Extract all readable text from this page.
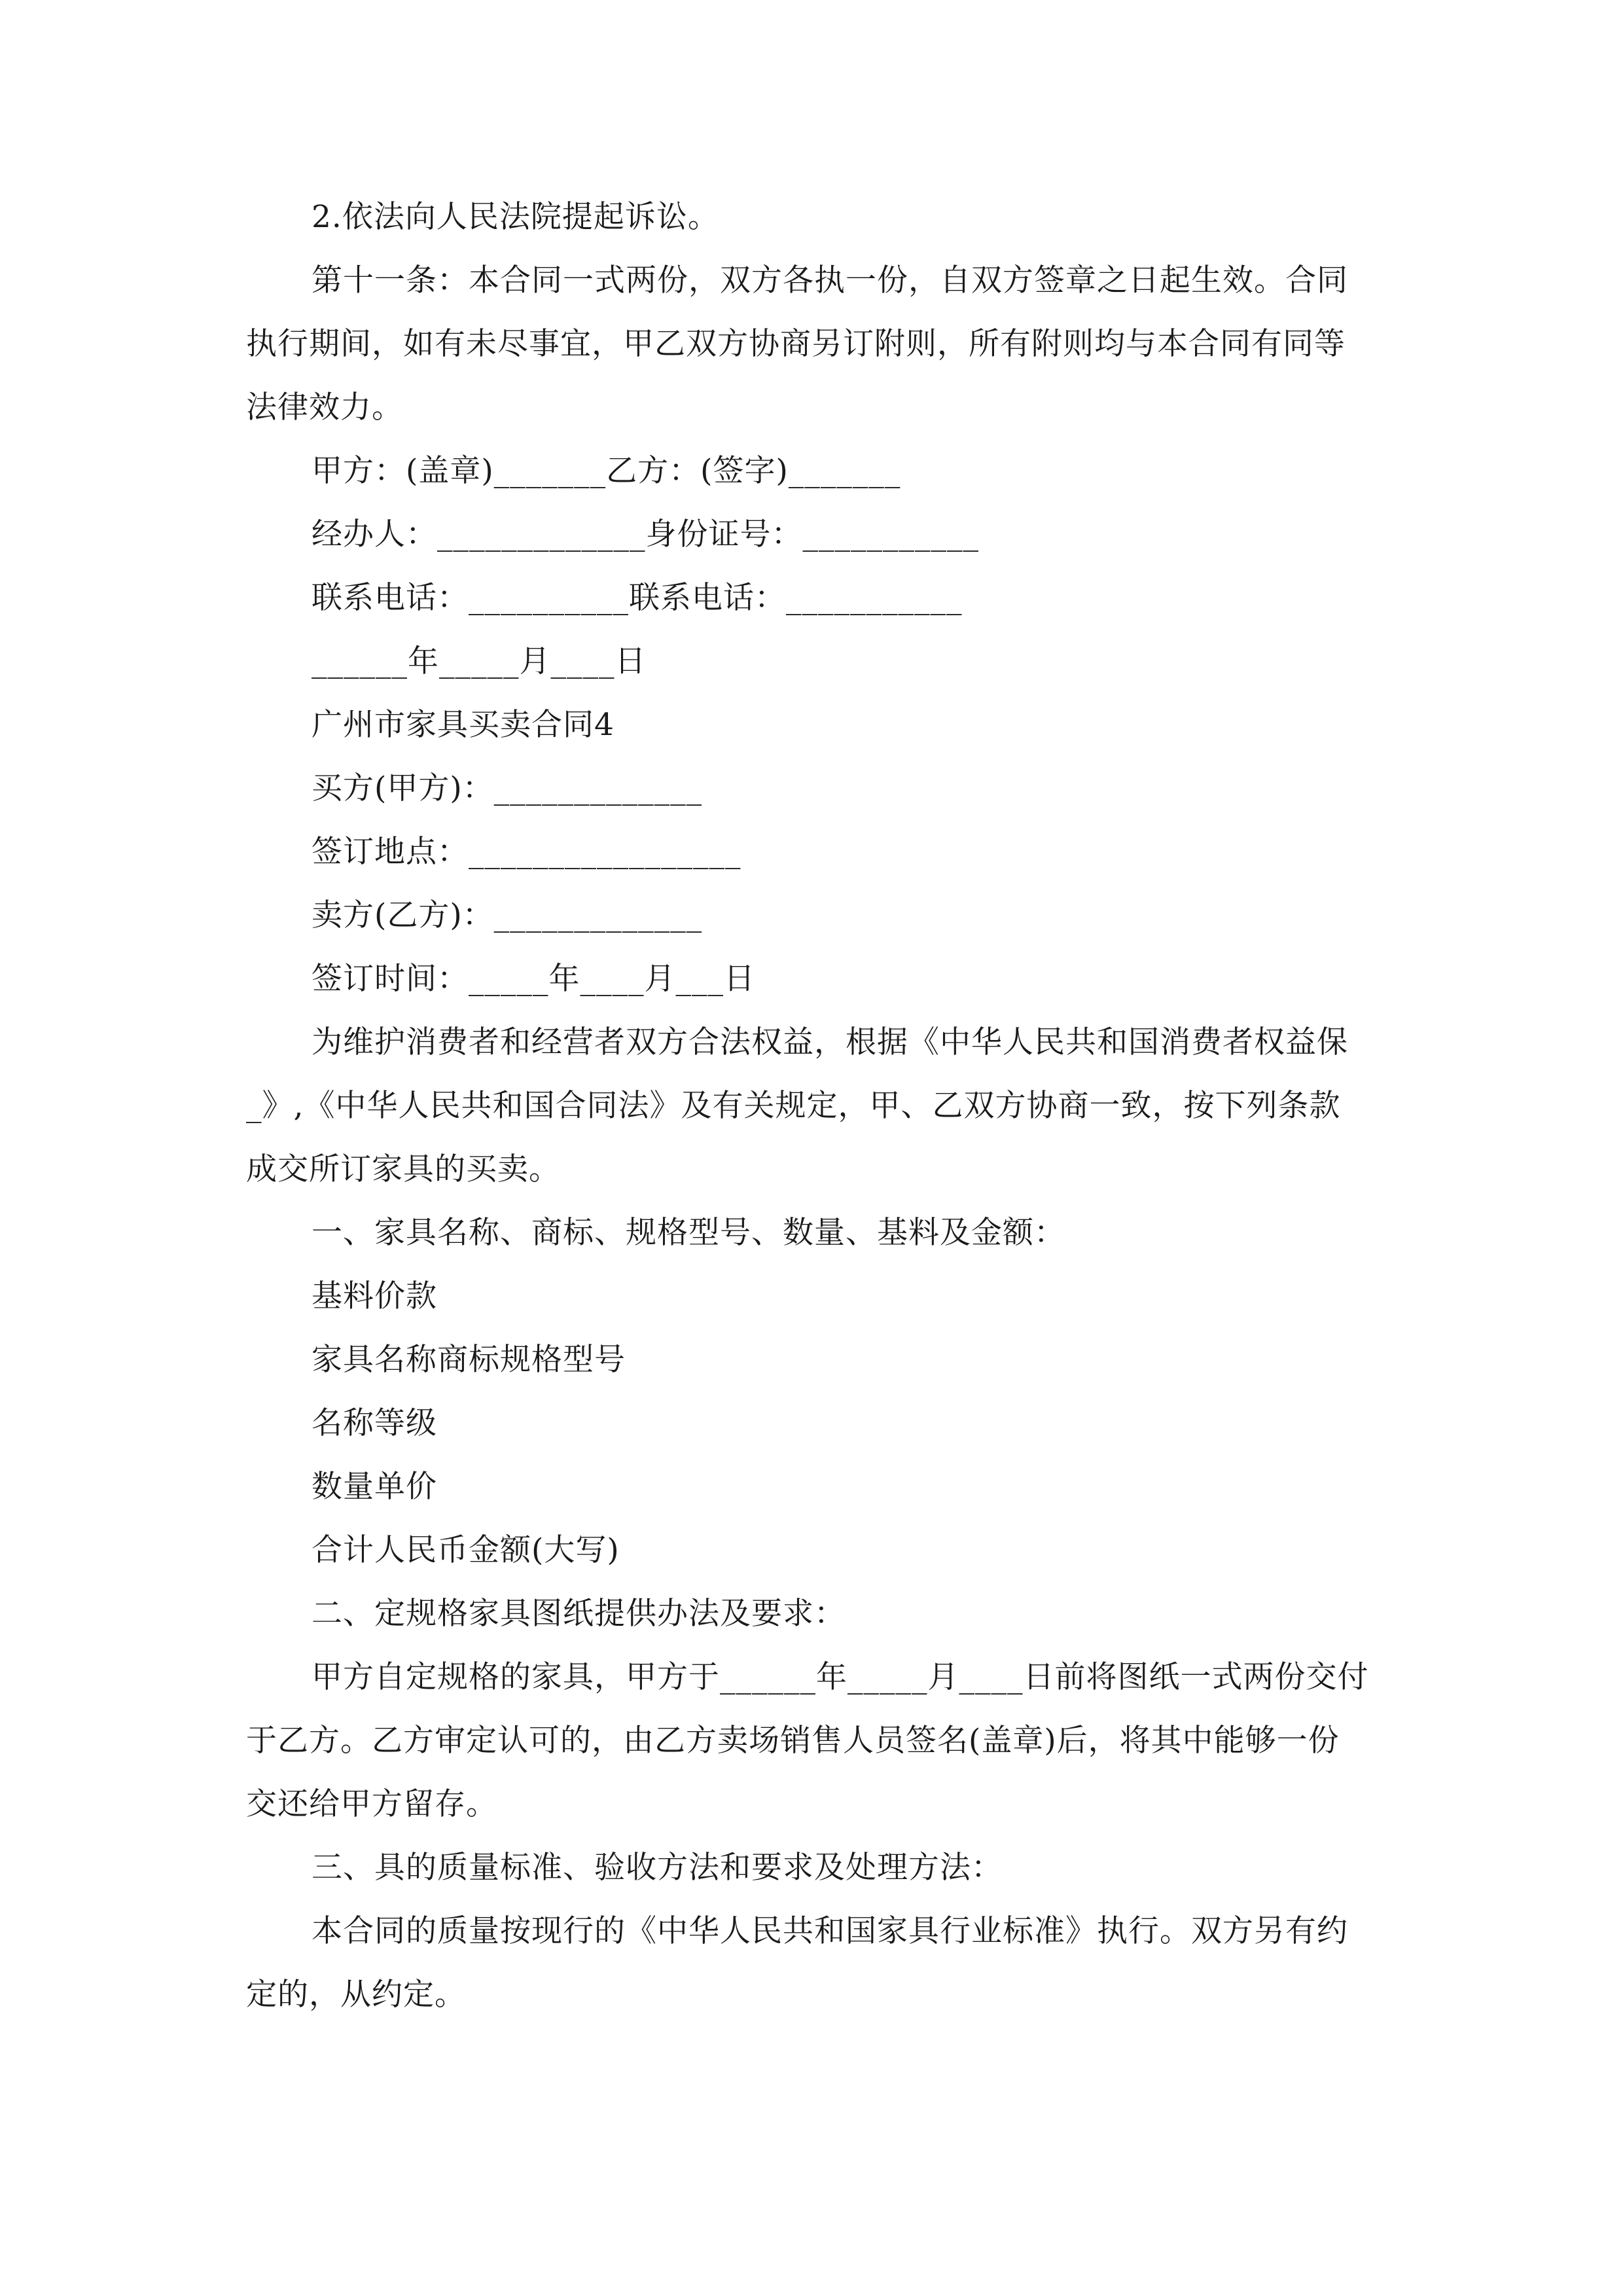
2.依法向人民法院提起诉讼。
第十一条：本合同一式两份，双方各执一份，自双方签章之日起生效。合同
执行期间，如有未尽事宜，甲乙双方协商另订附则，所有附则均与本合同有同等
法律效力。
甲方：(盖章)_______乙方：(签字)_______
经办人：_____________身份证号：___________
联系电话：__________联系电话：___________
______年_____月____日
广州市家具买卖合同4
买方(甲方)：_____________
签订地点：_________________
卖方(乙方)：_____________
签订时间：_____年____月___日
为维护消费者和经营者双方合法权益，根据《中华人民共和国消费者权益保
_》,《中华人民共和国合同法》及有关规定，甲、乙双方协商一致，按下列条款
成交所订家具的买卖。
一、家具名称、商标、规格型号、数量、基料及金额：
基料价款
家具名称商标规格型号
名称等级
数量单价
合计人民币金额(大写)
二、定规格家具图纸提供办法及要求：
甲方自定规格的家具，甲方于______年_____月____日前将图纸一式两份交付
于乙方。乙方审定认可的，由乙方卖场销售人员签名(盖章)后，将其中能够一份
交还给甲方留存。
三、具的质量标准、验收方法和要求及处理方法：
本合同的质量按现行的《中华人民共和国家具行业标准》执行。双方另有约
定的，从约定。
